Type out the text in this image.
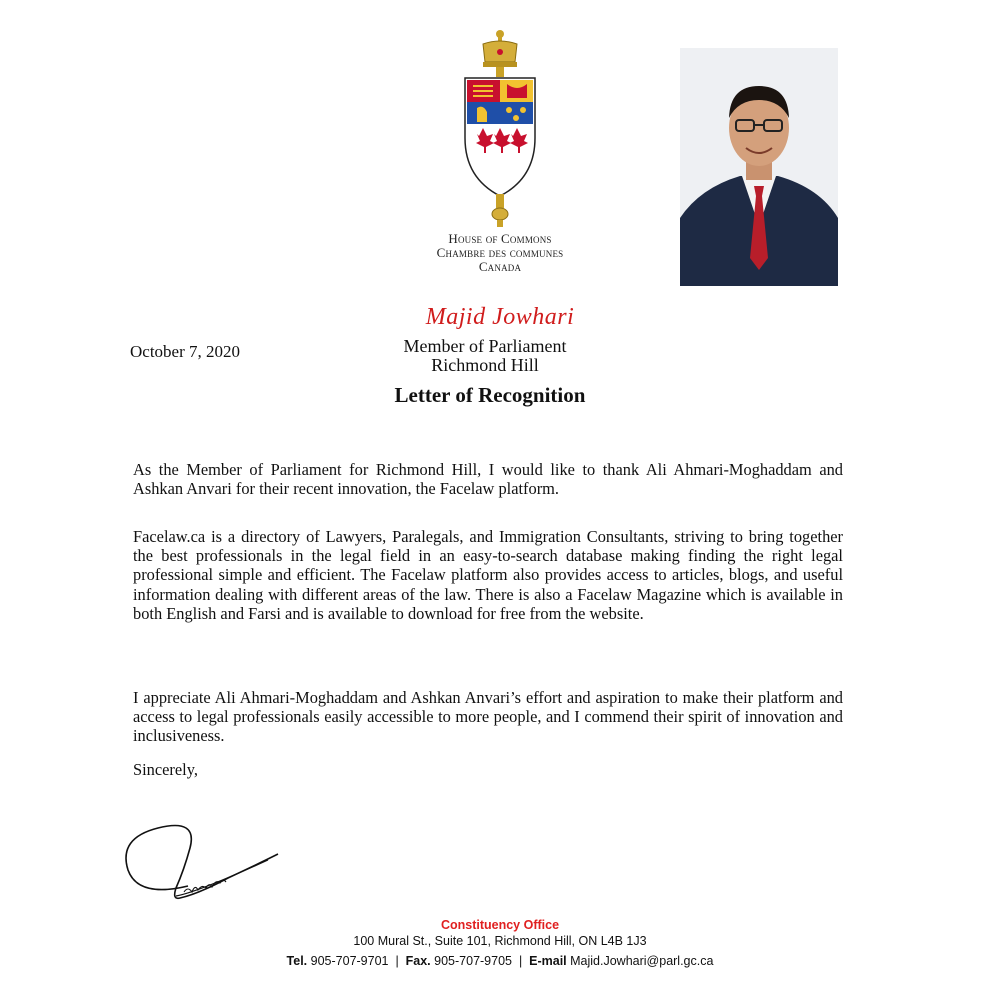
House of Commons
Chambre des communes
Canada
Majid Jowhari
Member of Parliament
Richmond Hill
October 7, 2020
Letter of Recognition
As the Member of Parliament for Richmond Hill, I would like to thank Ali Ahmari-Moghaddam and Ashkan Anvari for their recent innovation, the Facelaw platform.
Facelaw.ca is a directory of Lawyers, Paralegals, and Immigration Consultants, striving to bring together the best professionals in the legal field in an easy-to-search database making finding the right legal professional simple and efficient. The Facelaw platform also provides access to articles, blogs, and useful information dealing with different areas of the law. There is also a Facelaw Magazine which is available in both English and Farsi and is available to download for free from the website.
I appreciate Ali Ahmari-Moghaddam and Ashkan Anvari’s effort and aspiration to make their platform and access to legal professionals easily accessible to more people, and I commend their spirit of innovation and inclusiveness.
Sincerely,
Constituency Office
100 Mural St., Suite 101, Richmond Hill, ON L4B 1J3
Tel. 905-707-9701  |  Fax. 905-707-9705  |  E-mail Majid.Jowhari@parl.gc.ca
